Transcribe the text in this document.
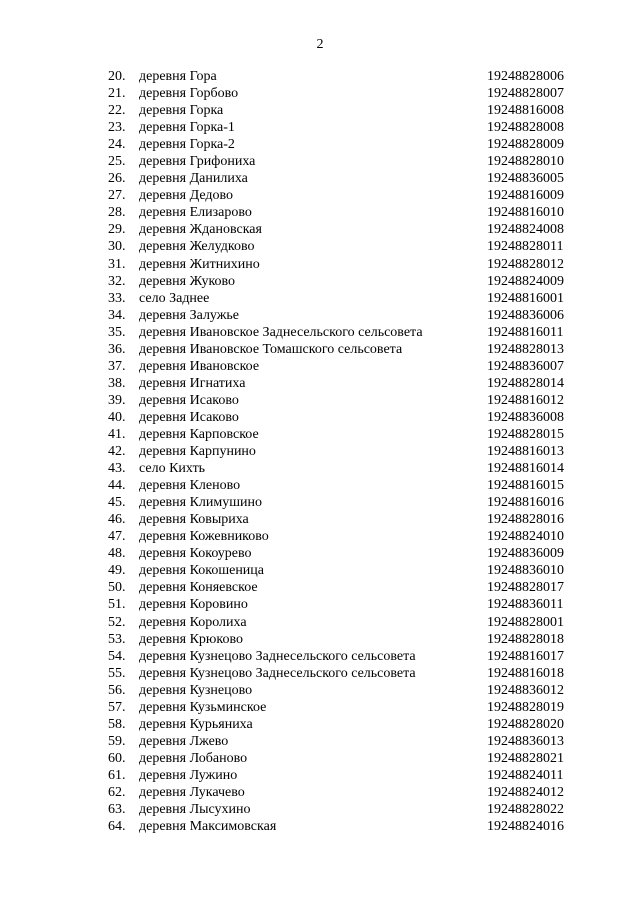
2
20. деревня Гора	19248828006
21. деревня Горбово	19248828007
22. деревня Горка	19248816008
23. деревня Горка-1	19248828008
24. деревня Горка-2	19248828009
25. деревня Грифониха	19248828010
26. деревня Данилиха	19248836005
27. деревня Дедово	19248816009
28. деревня Елизарово	19248816010
29. деревня Ждановская	19248824008
30. деревня Желудково	19248828011
31. деревня Житнихино	19248828012
32. деревня Жуково	19248824009
33. село Заднее	19248816001
34. деревня Залужье	19248836006
35. деревня Ивановское Заднесельского сельсовета	19248816011
36. деревня Ивановское Томашского сельсовета	19248828013
37. деревня Ивановское	19248836007
38. деревня Игнатиха	19248828014
39. деревня Исаково	19248816012
40. деревня Исаково	19248836008
41. деревня Карповское	19248828015
42. деревня Карпунино	19248816013
43. село Кихть	19248816014
44. деревня Кленово	19248816015
45. деревня Климушино	19248816016
46. деревня Ковыриха	19248828016
47. деревня Кожевниково	19248824010
48. деревня Кокоурево	19248836009
49. деревня Кокошеница	19248836010
50. деревня Коняевское	19248828017
51. деревня Коровино	19248836011
52. деревня Королиха	19248828001
53. деревня Крюково	19248828018
54. деревня Кузнецово Заднесельского сельсовета	19248816017
55. деревня Кузнецово Заднесельского сельсовета	19248816018
56. деревня Кузнецово	19248836012
57. деревня Кузьминское	19248828019
58. деревня Курьяниха	19248828020
59. деревня Лжево	19248836013
60. деревня Лобаново	19248828021
61. деревня Лужино	19248824011
62. деревня Лукачево	19248824012
63. деревня Лысухино	19248828022
64. деревня Максимовская	19248824016
